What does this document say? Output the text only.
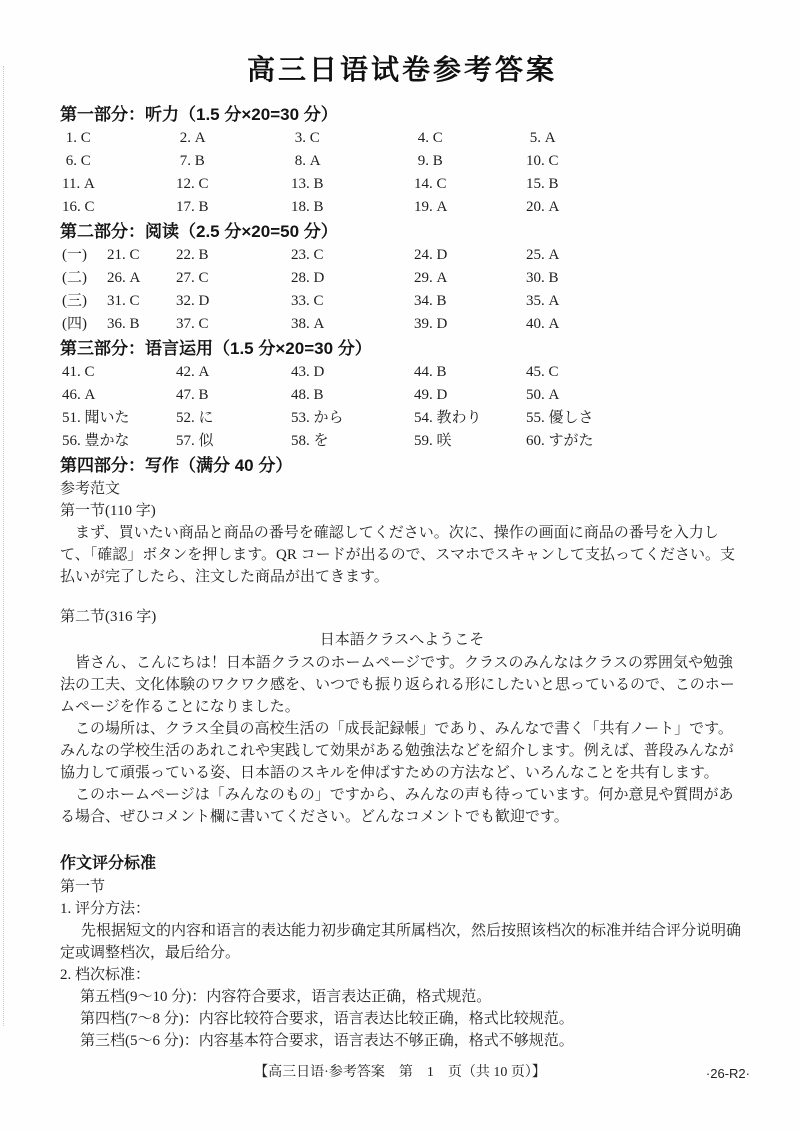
高三日语试卷参考答案
第一部分：听力（1.5 分×20=30 分）
1. C	2. A	3. C	4. C	5. A
6. C	7. B	8. A	9. B	10. C
11. A	12. C	13. B	14. C	15. B
16. C	17. B	18. B	19. A	20. A
第二部分：阅读（2.5 分×20=50 分）
(一) 21. C	22. B	23. C	24. D	25. A
(二) 26. A	27. C	28. D	29. A	30. B
(三) 31. C	32. D	33. C	34. B	35. A
(四) 36. B	37. C	38. A	39. D	40. A
第三部分：语言运用（1.5 分×20=30 分）
41. C	42. A	43. D	44. B	45. C
46. A	47. B	48. B	49. D	50. A
51. 聞いた	52. に	53. から	54. 教わり	55. 優しさ
56. 豊かな	57. 似	58. を	59. 咲	60. すがた
第四部分：写作（满分 40 分）
参考范文
第一节(110 字)

まず、買いたい商品と商品の番号を確認してください。次に、操作の画面に商品の番号を入力して、「確認」ボタンを押します。QR コードが出るので、スマホでスキャンして支払ってください。支払いが完了したら、注文した商品が出てきます。

第二节(316 字)
日本語クラスへようこそ

皆さん、こんにちは！日本語クラスのホームページです。クラスのみんなはクラスの雰囲気や勉強法の工夫、文化体験のワクワク感を、いつでも振り返られる形にしたいと思っているので、このホームページを作ることになりました。

この場所は、クラス全員の高校生活の「成長記録帳」であり、みんなで書く「共有ノート」です。みんなの学校生活のあれこれや実践して効果がある勉強法などを紹介します。例えば、普段みんなが協力して頑張っている姿、日本語のスキルを伸ばすための方法など、いろんなことを共有します。

このホームページは「みんなのもの」ですから、みんなの声も待っています。何か意見や質問がある場合、ぜひコメント欄に書いてください。どんなコメントでも歓迎です。

作文评分标准
第一节
1. 评分方法：

先根据短文的内容和语言的表达能力初步确定其所属档次，然后按照该档次的标准并结合评分说明确定或调整档次，最后给分。

2. 档次标准：
第五档(9～10 分)：内容符合要求，语言表达正确，格式规范。
第四档(7～8 分)：内容比较符合要求，语言表达比较正确，格式比较规范。
第三档(5～6 分)：内容基本符合要求，语言表达不够正确，格式不够规范。
【高三日语·参考答案　第　1　页（共 10 页）】	·26-R2·
